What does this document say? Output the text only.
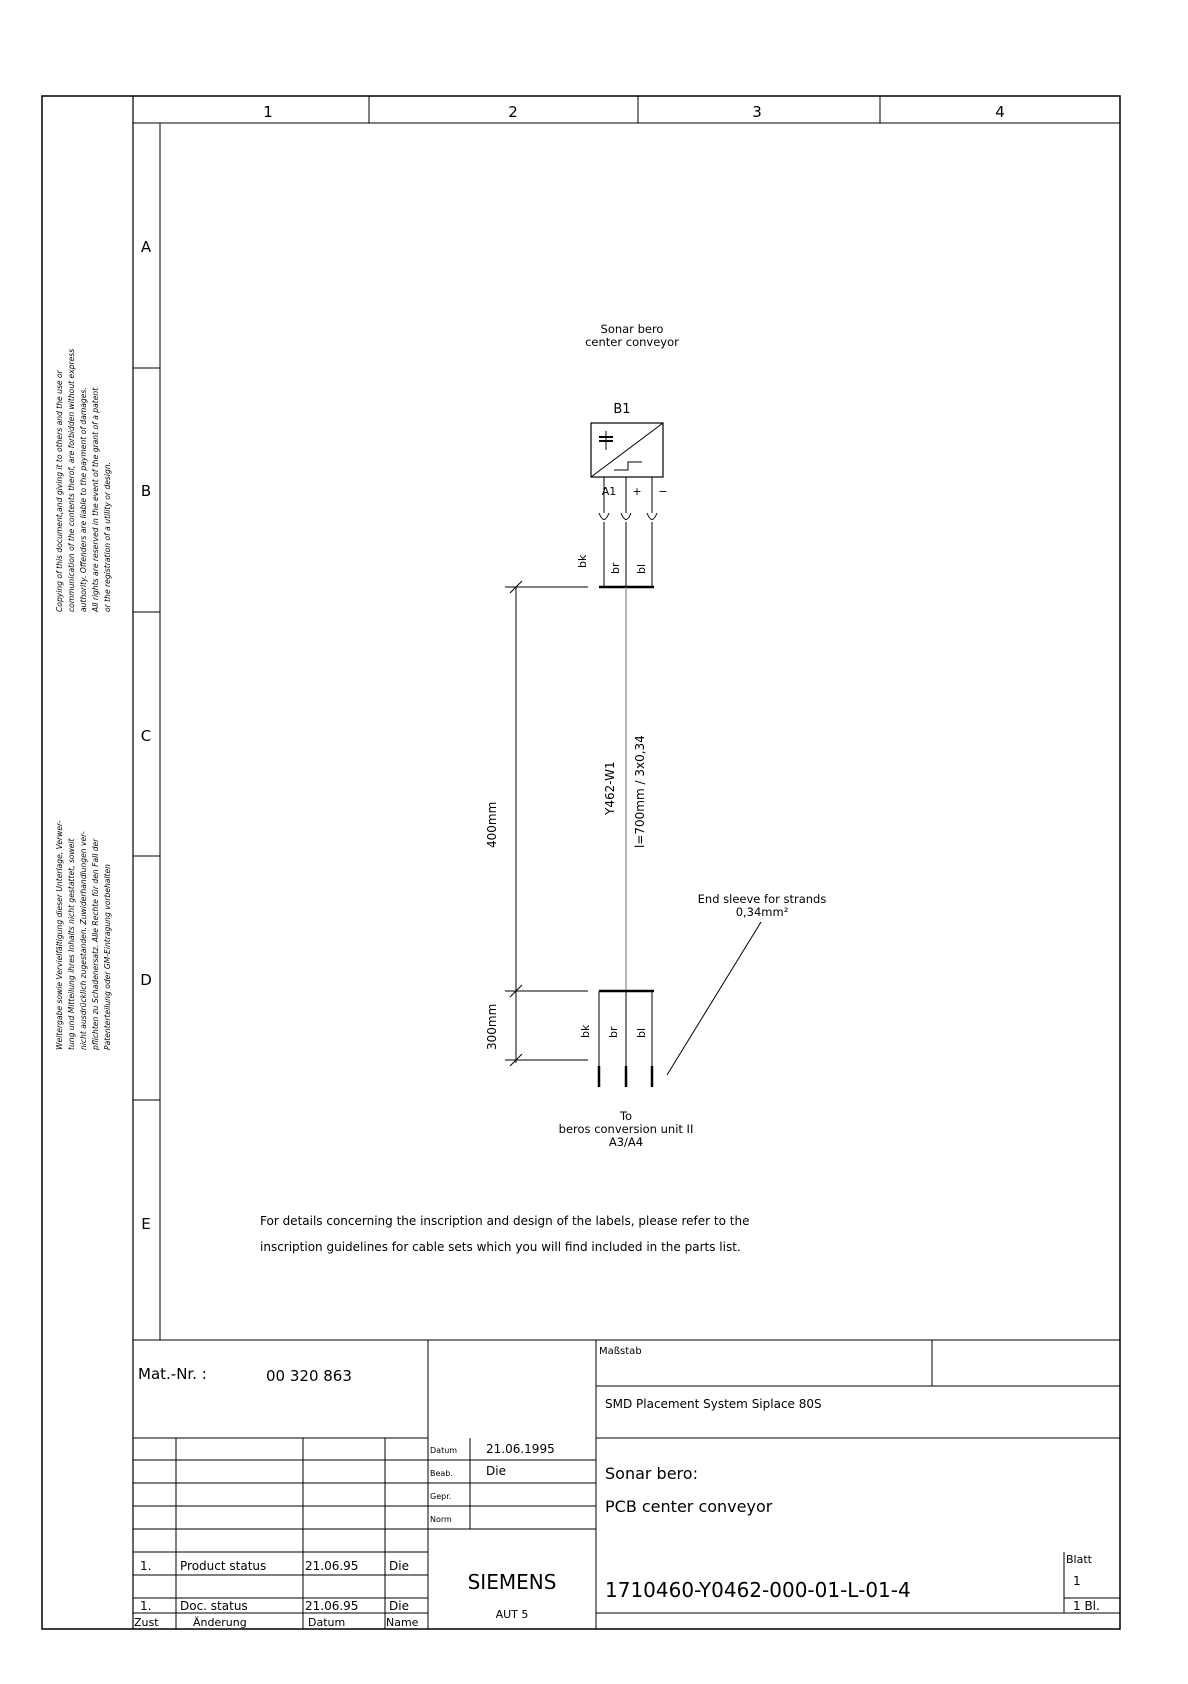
1	2	3	4
A
B
C
D
E
Copying of this document,and giving it to others and the use or communication of the contents therof, are forbidden without express authority. Offenders are liable to the payment of damages. All rights are reserved in the event of the grant of a patent or the registration of a utility or design.
Weitergabe sowie Vervielfältigung dieser Unterlage, Verwer- tung und Mitteilung ihres Inhalts nicht gestattet, soweit nicht ausdrücklich zugestanden. Zuwiderhandlungen ver- pflichten zu Schadenersatz. Alle Rechte für den Fall der Patenterteilung oder GM-Eintragung vorbehalten
Sonar bero
center conveyor
B1
A1 + −
bk
br bl
Y462-W1 l=700mm / 3x0,34
bk br bl
400mm
300mm
End sleeve for strands
0,34mm²
To
beros conversion unit II
A3/A4
For details concerning the inscription and design of the labels, please refer to the
inscription guidelines for cable sets which you will find included in the parts list.
Mat.-Nr. :	00 320 863
Maßstab
SMD Placement System Siplace 80S
Datum 21.06.1995
Beab.	Die
Gepr.
Norm
Sonar bero:
PCB center conveyor
1. Product status	21.06.95	Die
1. Doc. status	21.06.95	Die
Zust	Änderung	Datum	Name
SIEMENS
AUT 5
1710460-Y0462-000-01-L-01-4
Blatt
1
1 Bl.
